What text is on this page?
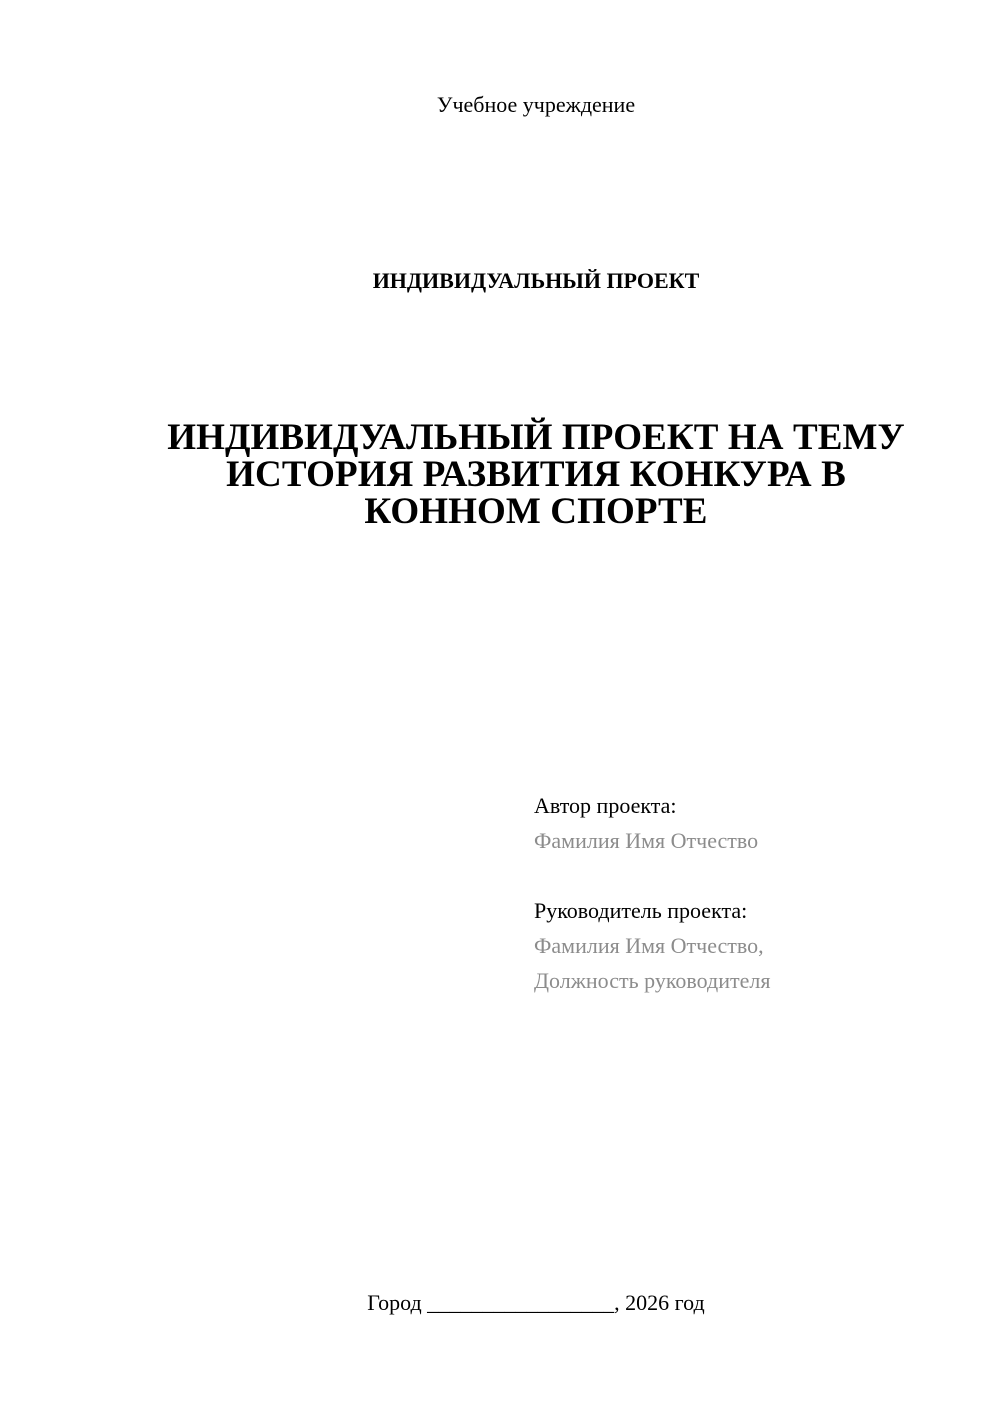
Учебное учреждение
ИНДИВИДУАЛЬНЫЙ ПРОЕКТ
ИНДИВИДУАЛЬНЫЙ ПРОЕКТ НА ТЕМУ
ИСТОРИЯ РАЗВИТИЯ КОНКУРА В
КОННОМ СПОРТЕ
Автор проекта:
Фамилия Имя Отчество
Руководитель проекта:
Фамилия Имя Отчество,
Должность руководителя
Город _________________, 2026 год
